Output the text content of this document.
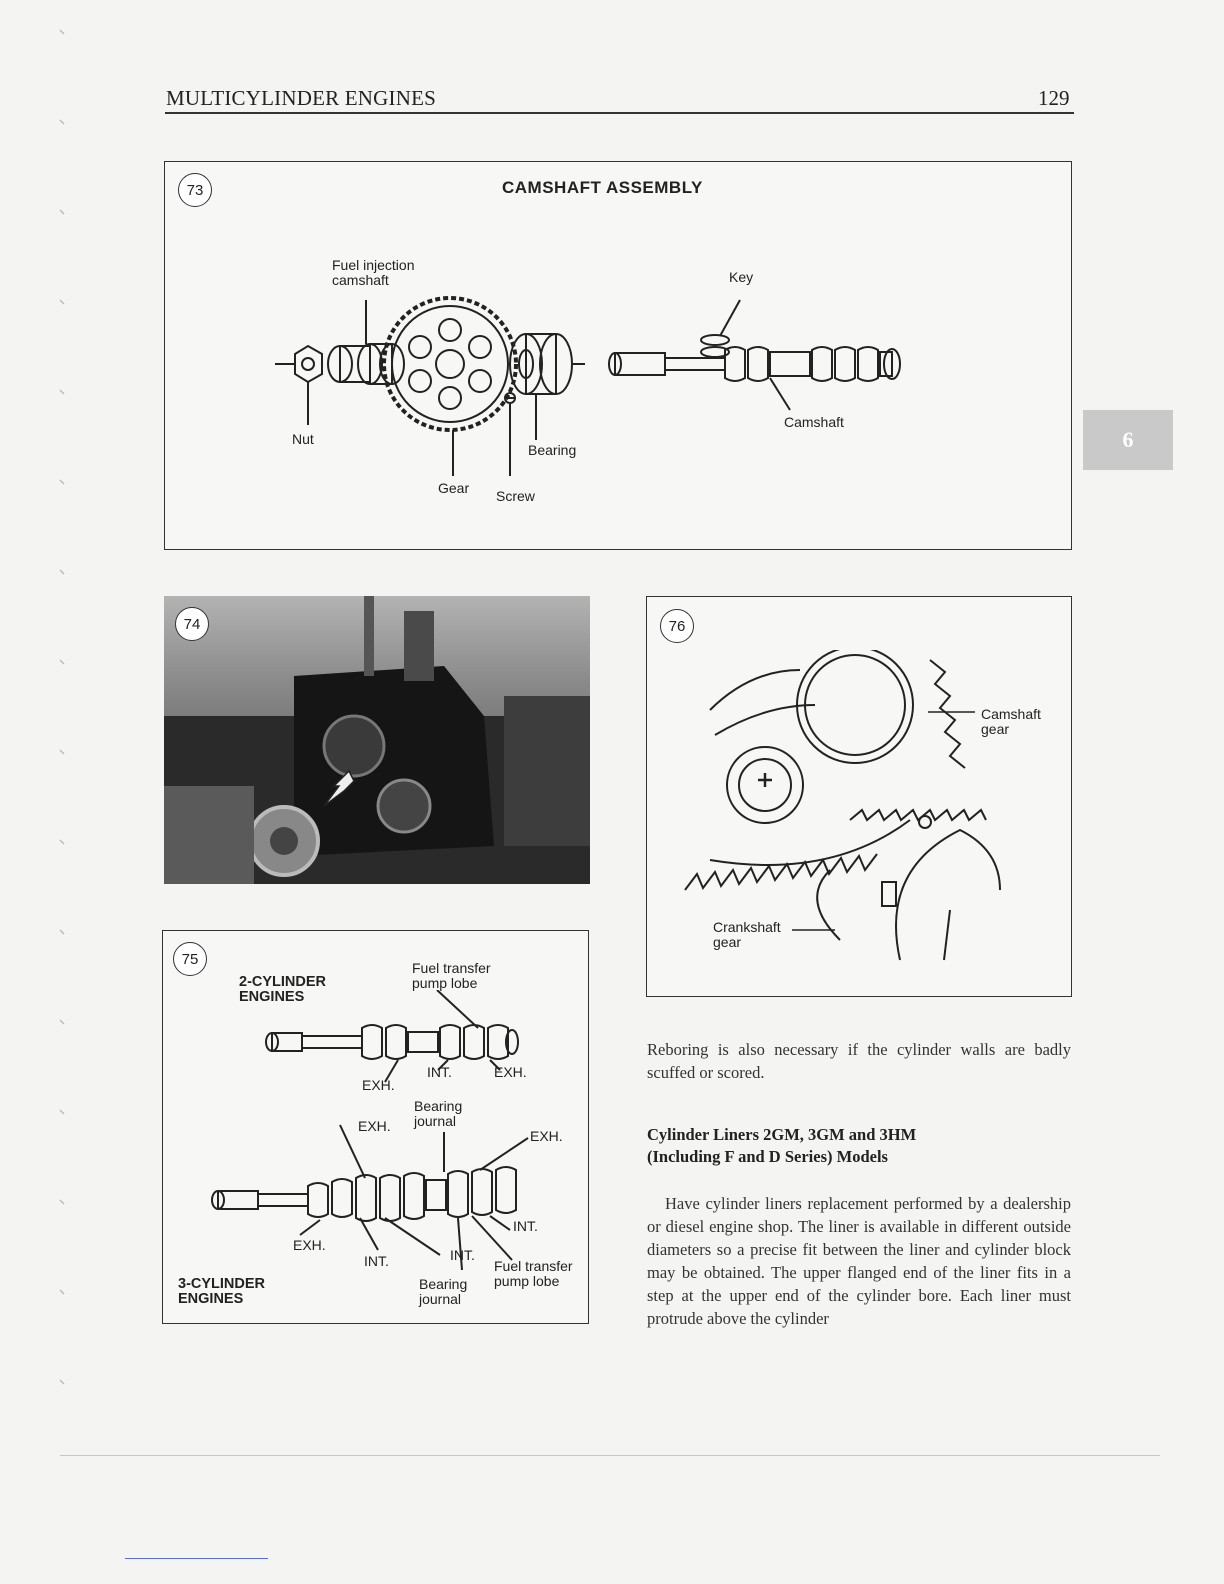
MULTICYLINDER ENGINES	129
6
73	CAMSHAFT ASSEMBLY
Fuel injection
camshaft
Nut
Gear Screw
Bearing
Key
Camshaft
74
75
2-CYLINDER
ENGINES
Fuel transfer
pump lobe
EXH.
INT.	EXH.
Bearing
journal
EXH.
EXH.
INT.
EXH.
INT.	INT.
Fuel transfer
pump lobe
Bearing
journal
3-CYLINDER
ENGINES
76
Camshaft
gear
Crankshaft
gear
Reboring is also necessary if the cylinder walls are badly scuffed or scored.
Cylinder Liners 2GM, 3GM and 3HM
(Including F and D Series) Models
Have cylinder liners replacement performed by a dealership or diesel engine shop. The liner is available in different outside diameters so a precise fit between the liner and cylinder block may be obtained. The upper flanged end of the liner fits in a step at the upper end of the cylinder bore. Each liner must protrude above the cylinder
